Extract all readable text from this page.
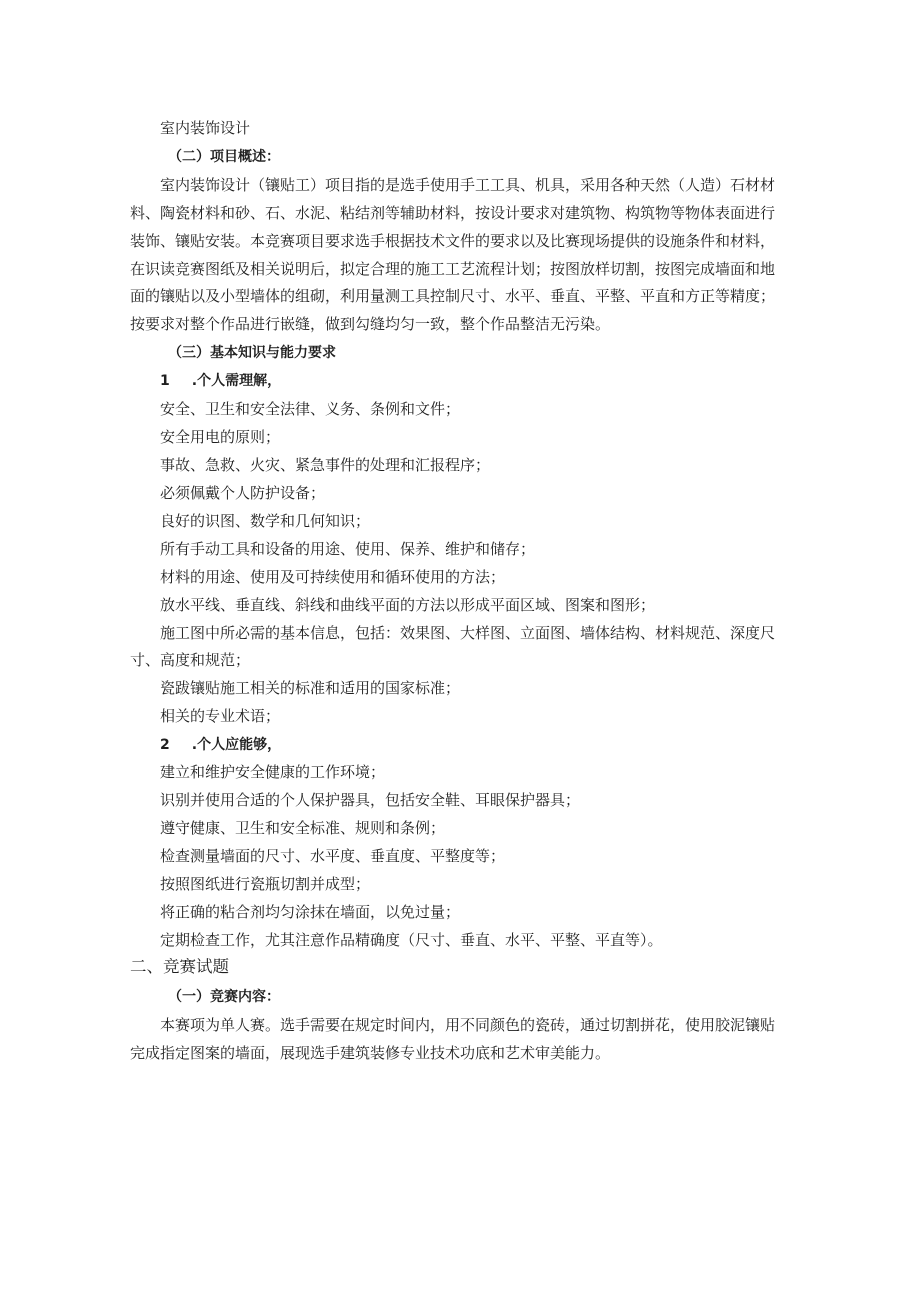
室内装饰设计

（二）项目概述：

室内装饰设计（镶贴工）项目指的是选手使用手工工具、机具，采用各种天然（人造）石材材

料、陶瓷材料和砂、石、水泥、粘结剂等辅助材料，按设计要求对建筑物、构筑物等物体表面进行

装饰、镶贴安装。本竞赛项目要求选手根据技术文件的要求以及比赛现场提供的设施条件和材料，

在识读竞赛图纸及相关说明后，拟定合理的施工工艺流程计划；按图放样切割，按图完成墙面和地

面的镶贴以及小型墙体的组砌，利用量测工具控制尺寸、水平、垂直、平整、平直和方正等精度；

按要求对整个作品进行嵌缝，做到勾缝均匀一致，整个作品整洁无污染。

（三）基本知识与能力要求

1 .个人需理解，

安全、卫生和安全法律、义务、条例和文件；

安全用电的原则；

事故、急救、火灾、紧急事件的处理和汇报程序；

必须佩戴个人防护设备；

良好的识图、数学和几何知识；

所有手动工具和设备的用途、使用、保养、维护和储存；

材料的用途、使用及可持续使用和循环使用的方法；

放水平线、垂直线、斜线和曲线平面的方法以形成平面区域、图案和图形；

施工图中所必需的基本信息，包括：效果图、大样图、立面图、墙体结构、材料规范、深度尺

寸、高度和规范；

瓷跋镶贴施工相关的标准和适用的国家标准；

相关的专业术语；

2 .个人应能够，

建立和维护安全健康的工作环境；

识别并使用合适的个人保护器具，包括安全鞋、耳眼保护器具；

遵守健康、卫生和安全标准、规则和条例；

检查测量墙面的尺寸、水平度、垂直度、平整度等；

按照图纸进行瓷瓶切割并成型；

将正确的粘合剂均匀涂抹在墙面，以免过量；

定期检查工作，尤其注意作品精确度（尺寸、垂直、水平、平整、平直等）。

二、竞赛试题

（一）竞赛内容：

本赛项为单人赛。选手需要在规定时间内，用不同颜色的瓷砖，通过切割拼花，使用胶泥镶贴

完成指定图案的墙面，展现选手建筑装修专业技术功底和艺术审美能力。
